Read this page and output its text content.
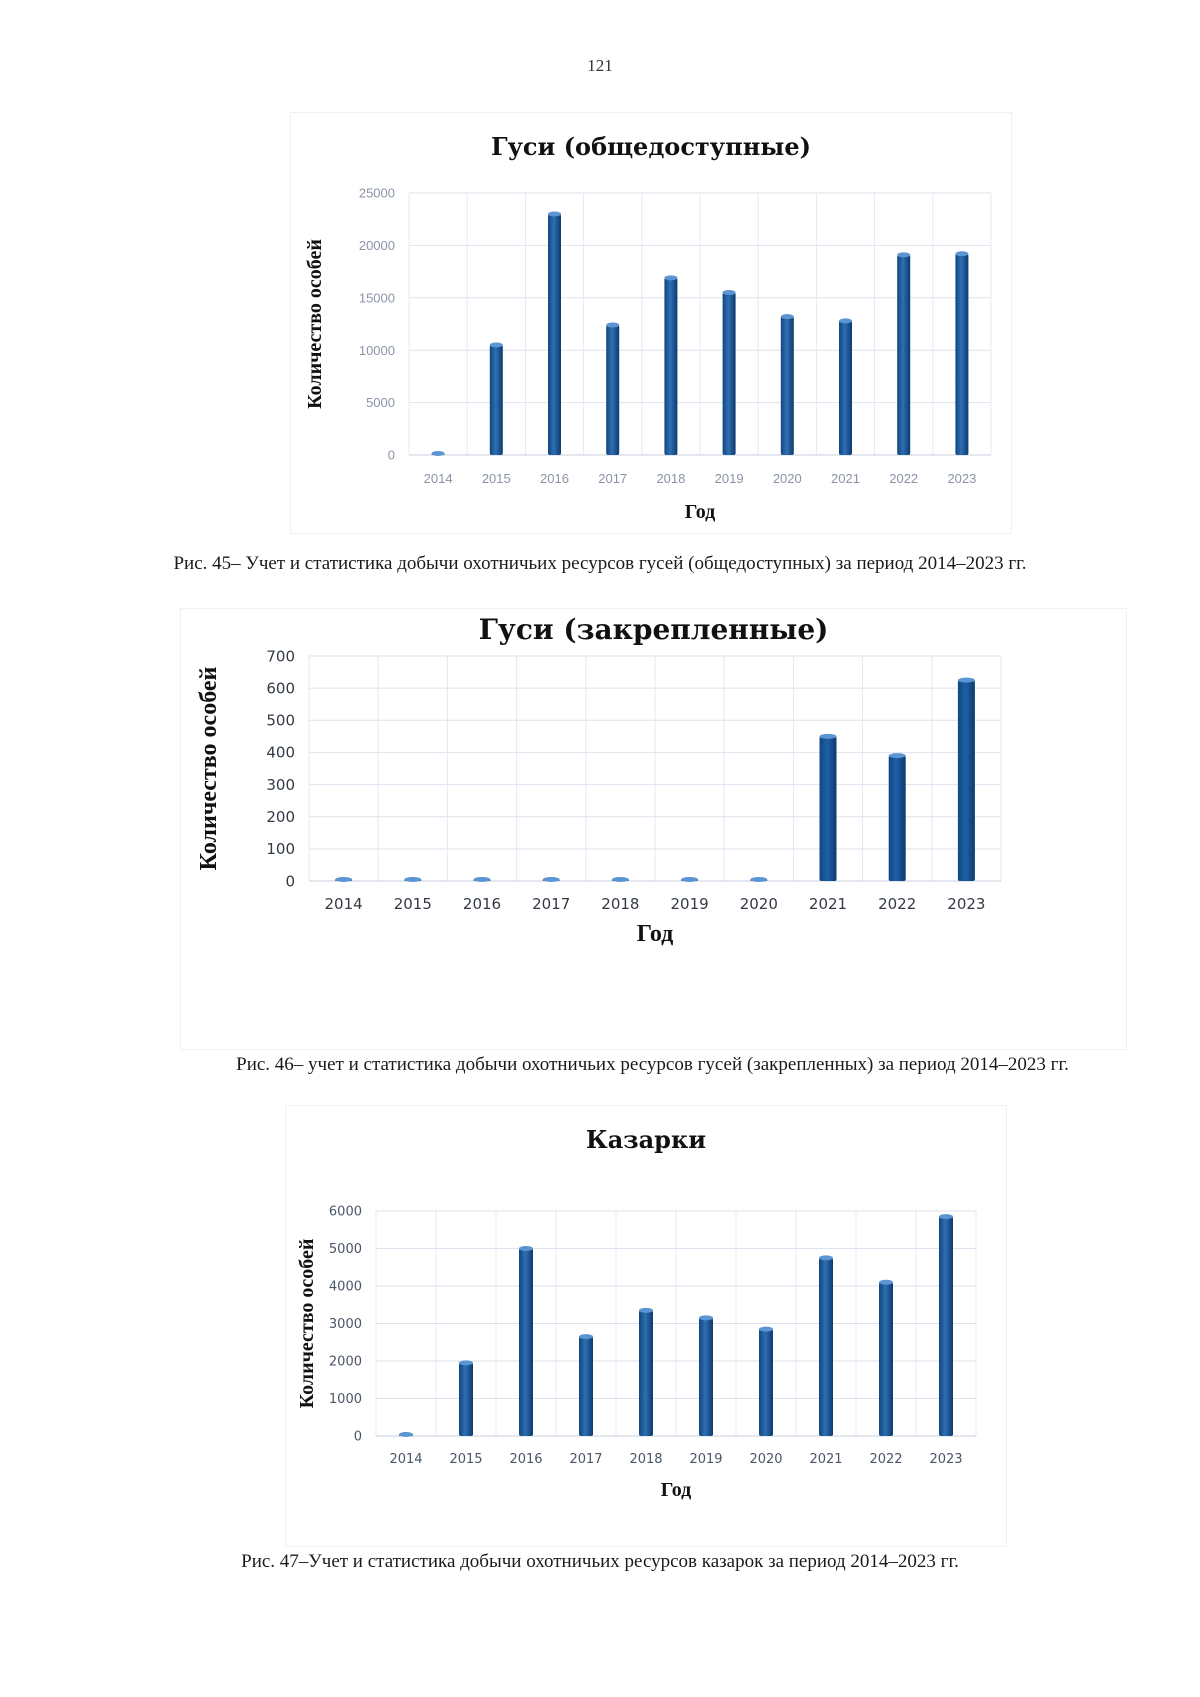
121
0
5000
10000
15000
20000
25000
2014 2015 2016 2017 2018 2019 2020 2021 2022 2023
Гуси (общедоступные)
Год
Количество особей
Рис. 45– Учет и статистика добычи охотничьих ресурсов гусей (общедоступных) за период 2014–2023 гг.
0
100
200
300
400
500
600
700
2014 2015 2016 2017 2018 2019 2020 2021 2022 2023
Гуси (закрепленные)
Год
Количество особей
Рис. 46– учет и статистика добычи охотничьих ресурсов гусей (закрепленных) за период 2014–2023 гг.
0
1000
2000
3000
4000
5000
6000
2014 2015 2016 2017 2018 2019 2020 2021 2022 2023
Казарки
Год
Количество особей
Рис. 47–Учет и статистика добычи охотничьих ресурсов казарок за период 2014–2023 гг.
